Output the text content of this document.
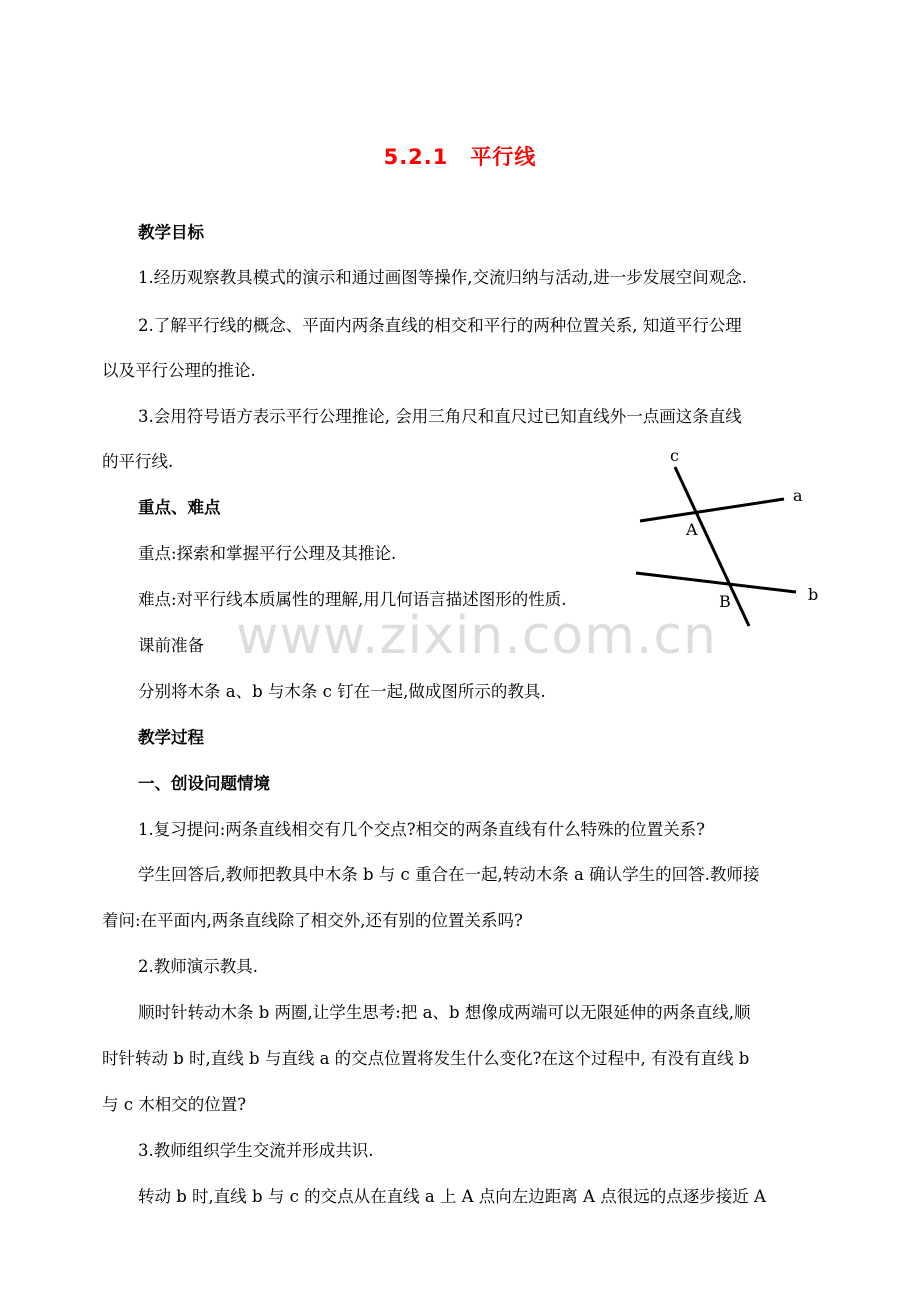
5.2.1 平行线

教学目标

1.经历观察教具模式的演示和通过画图等操作,交流归纳与活动,进一步发展空间观念.

2.了解平行线的概念、平面内两条直线的相交和平行的两种位置关系, 知道平行公理

以及平行公理的推论.

3.会用符号语方表示平行公理推论, 会用三角尺和直尺过已知直线外一点画这条直线

的平行线.

重点、难点

重点:探索和掌握平行公理及其推论.

难点:对平行线本质属性的理解,用几何语言描述图形的性质.

课前准备

分别将木条 a、b 与木条 c 钉在一起,做成图所示的教具.

教学过程

一、创设问题情境

1.复习提问:两条直线相交有几个交点?相交的两条直线有什么特殊的位置关系?

学生回答后,教师把教具中木条 b 与 c 重合在一起,转动木条 a 确认学生的回答.教师接

着问:在平面内,两条直线除了相交外,还有别的位置关系吗?

2.教师演示教具.

顺时针转动木条 b 两圈,让学生思考:把 a、b 想像成两端可以无限延伸的两条直线,顺

时针转动 b 时,直线 b 与直线 a 的交点位置将发生什么变化?在这个过程中, 有没有直线 b

与 c 木相交的位置?

3.教师组织学生交流并形成共识.

转动 b 时,直线 b 与 c 的交点从在直线 a 上 A 点向左边距离 A 点很远的点逐步接近 A

c
a
A
B	b
www.zixin.com.cn
